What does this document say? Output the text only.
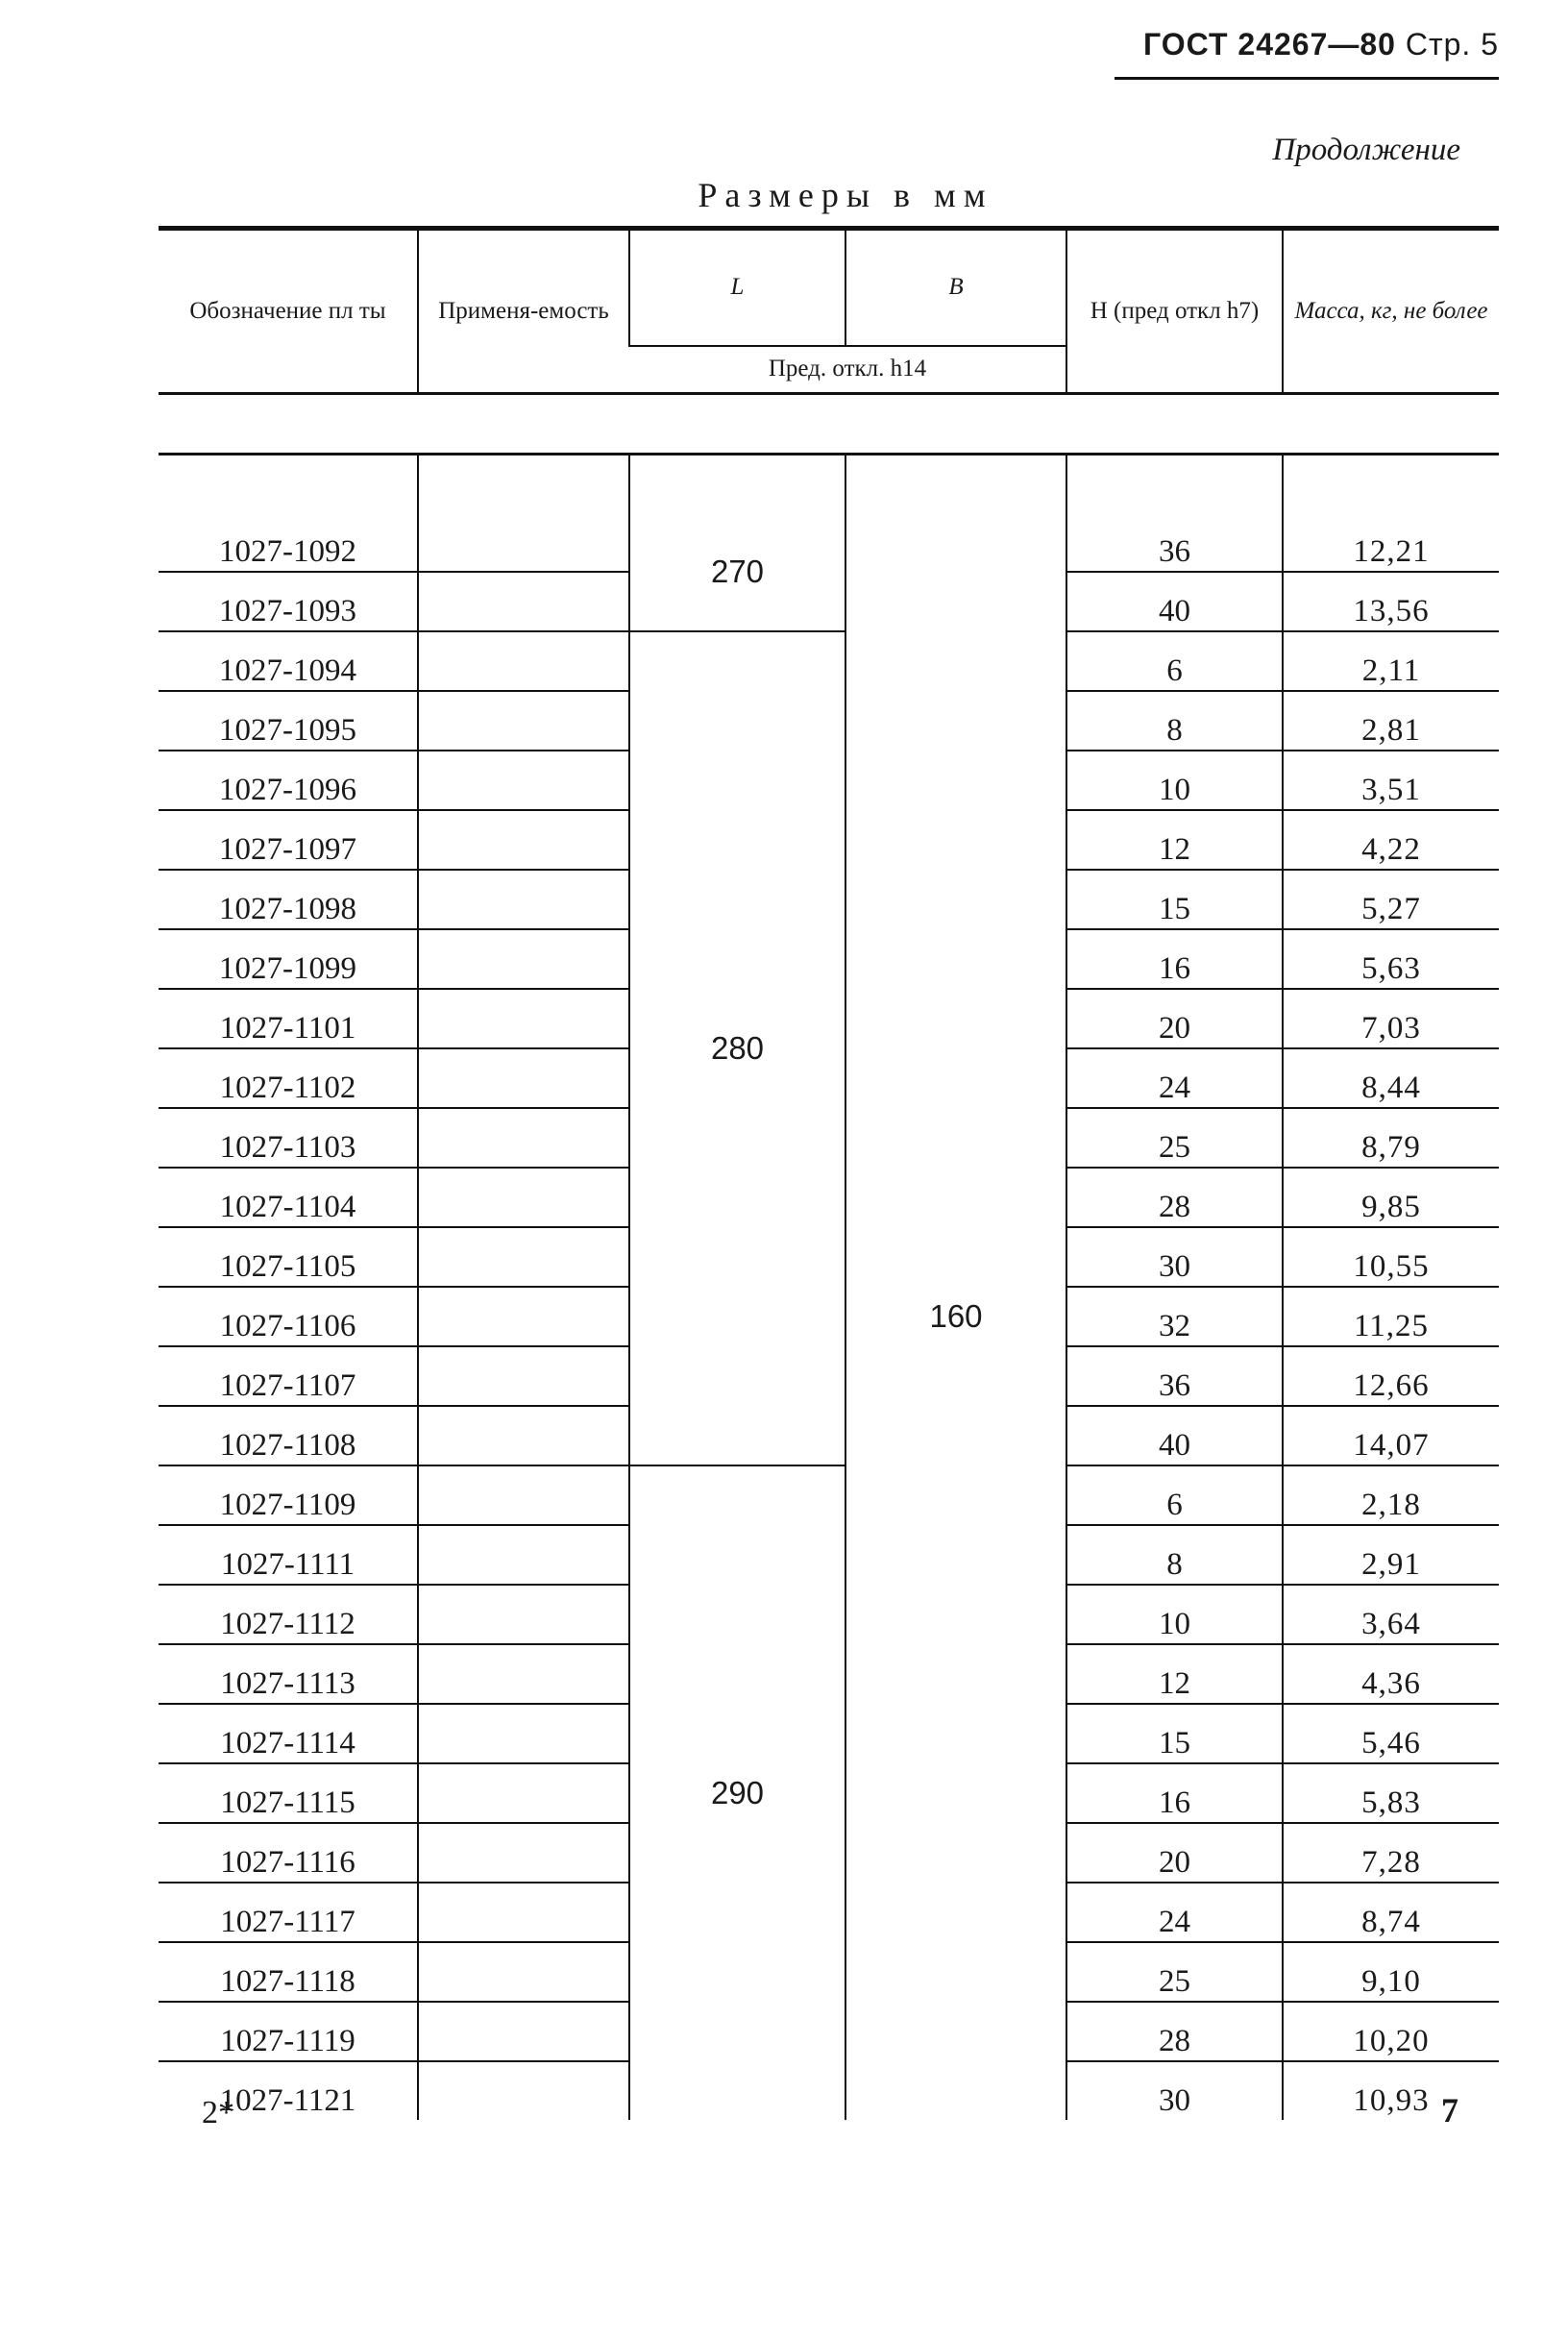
ГОСТ 24267—80 Стр. 5
Продолжение
Размеры в мм
Обозначение пл ты	Применя-емость	L	B	H (пред откл h7)	Масса, кг, не более
		Пред. откл. h14			

1027-1092		270	160	36	12,21
1027-1093				40	13,56
1027-1094		280		6	2,11
1027-1095				8	2,81
1027-1096				10	3,51
1027-1097				12	4,22
1027-1098				15	5,27
1027-1099				16	5,63
1027-1101				20	7,03
1027-1102				24	8,44
1027-1103				25	8,79
1027-1104				28	9,85
1027-1105				30	10,55
1027-1106				32	11,25
1027-1107				36	12,66
1027-1108				40	14,07
1027-1109		290		6	2,18
1027-1111				8	2,91
1027-1112				10	3,64
1027-1113				12	4,36
1027-1114				15	5,46
1027-1115				16	5,83
1027-1116				20	7,28
1027-1117				24	8,74
1027-1118				25	9,10
1027-1119				28	10,20
1027-1121				30	10,93
2*	7
